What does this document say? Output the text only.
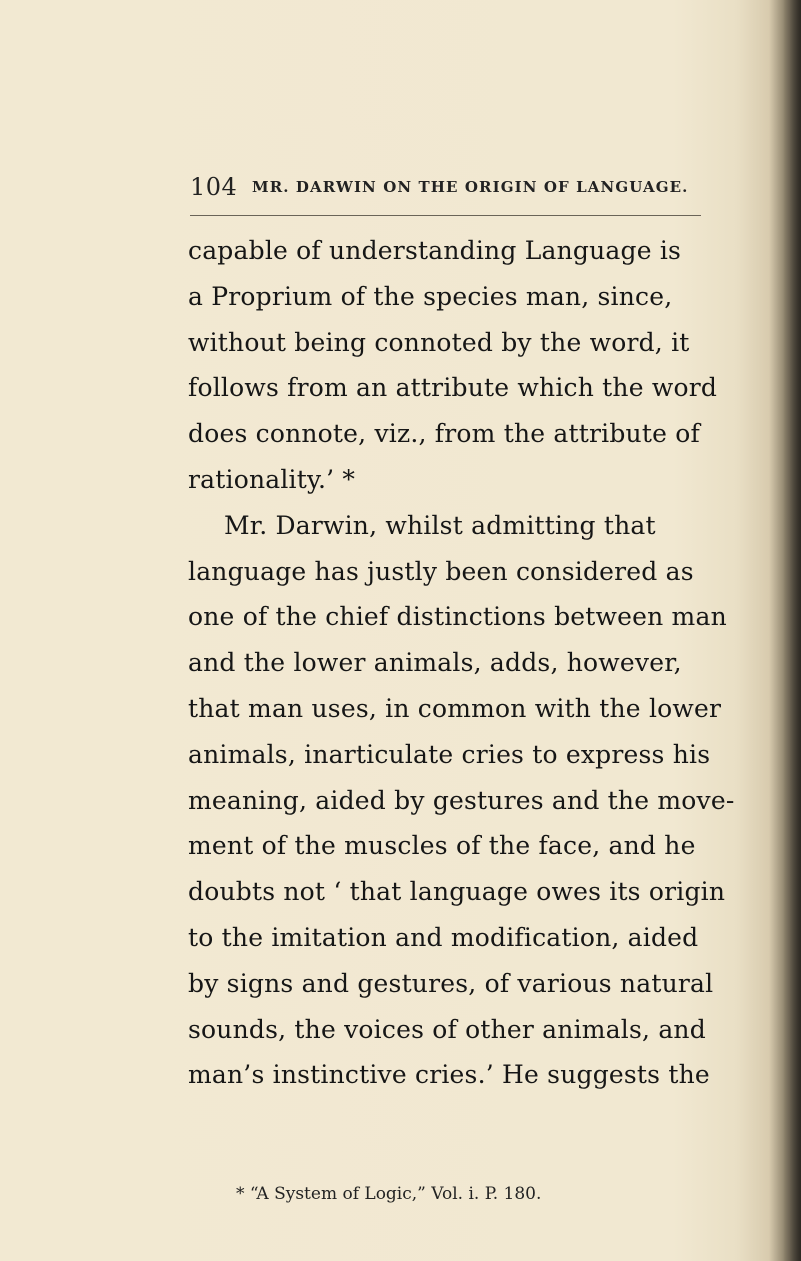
104 MR. DARWIN ON THE ORIGIN OF LANGUAGE.
capable of understanding Language is
a Proprium of the species man, since,
without being connoted by the word, it
follows from an attribute which the word
does connote, viz., from the attribute of
rationality.’ *
Mr. Darwin, whilst admitting that
language has justly been considered as
one of the chief distinctions between man
and the lower animals, adds, however,
that man uses, in common with the lower
animals, inarticulate cries to express his
meaning, aided by gestures and the move-
ment of the muscles of the face, and he
doubts not ‘ that language owes its origin
to the imitation and modification, aided
by signs and gestures, of various natural
sounds, the voices of other animals, and
man’s instinctive cries.’ He suggests the
* “A System of Logic,” Vol. i. P. 180.
